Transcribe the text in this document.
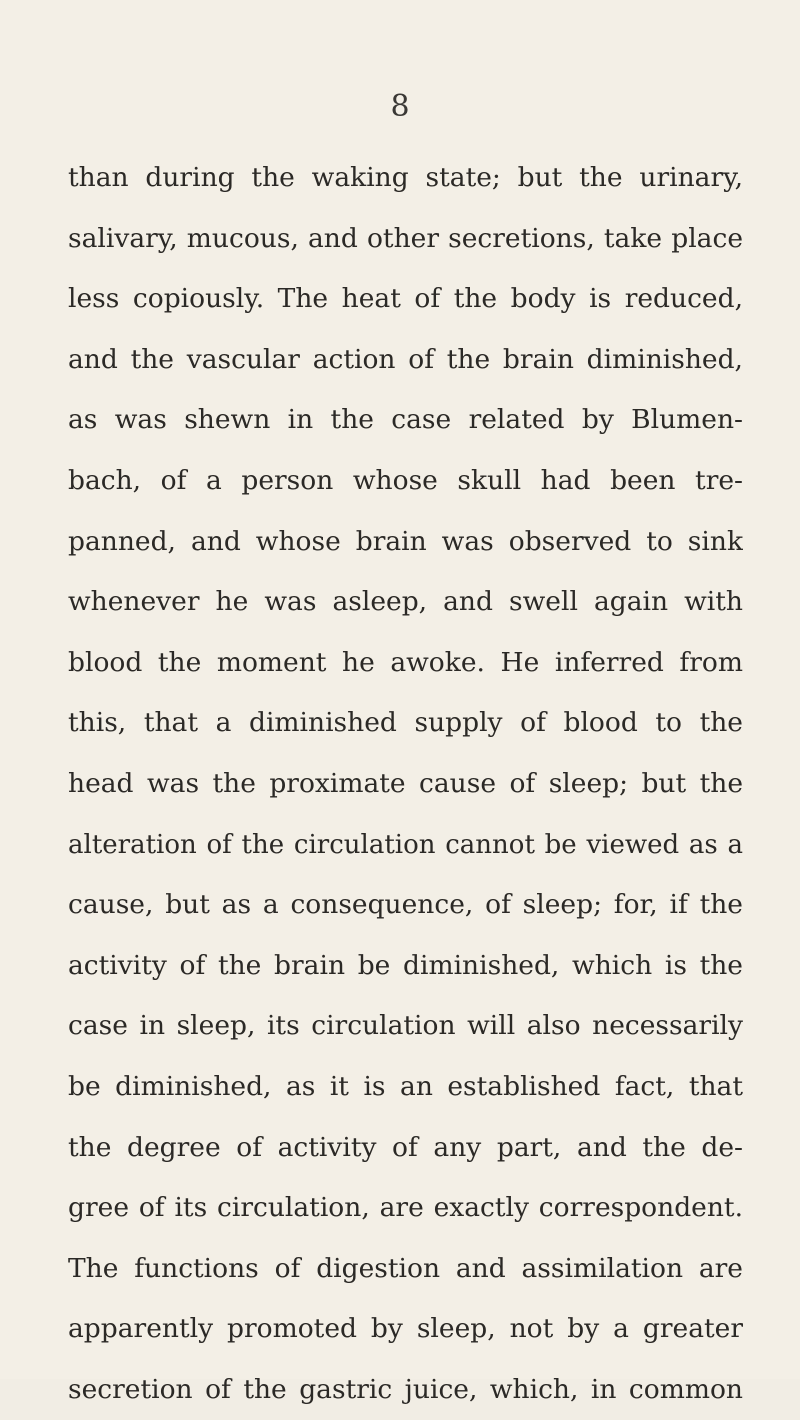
8
than during the waking state; but the urinary,
salivary, mucous, and other secretions, take place
less copiously. The heat of the body is reduced,
and the vascular action of the brain diminished,
as was shewn in the case related by Blumen-
bach, of a person whose skull had been tre-
panned, and whose brain was observed to sink
whenever he was asleep, and swell again with
blood the moment he awoke. He inferred from
this, that a diminished supply of blood to the
head was the proximate cause of sleep; but the
alteration of the circulation cannot be viewed as a
cause, but as a consequence, of sleep; for, if the
activity of the brain be diminished, which is the
case in sleep, its circulation will also necessarily
be diminished, as it is an established fact, that
the degree of activity of any part, and the de-
gree of its circulation, are exactly correspondent.
The functions of digestion and assimilation are
apparently promoted by sleep, not by a greater
secretion of the gastric juice, which, in common
